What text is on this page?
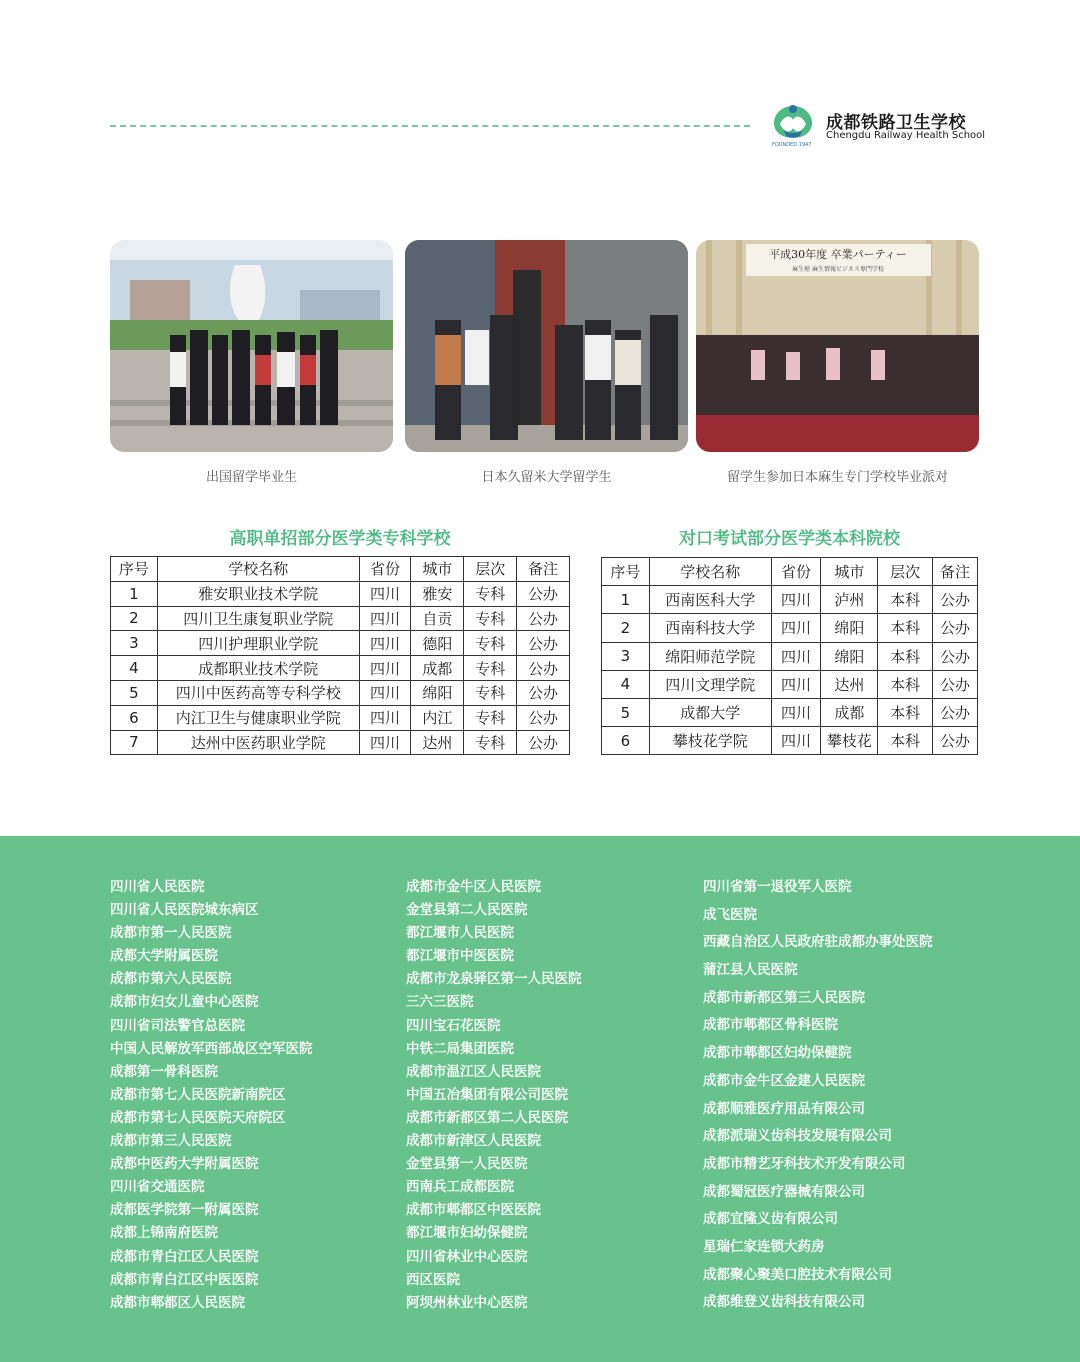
FOUNDED 1947
成都铁路卫生学校
Chengdu Railway Health School
平成30年度 卒業パーティー
麻生塾 麻生情報ビジネス専門学校
出国留学毕业生	日本久留米大学留学生	留学生参加日本麻生专门学校毕业派对
高职单招部分医学类专科学校
序号	学校名称	省份	城市	层次	备注
1	雅安职业技术学院	四川	雅安	专科	公办
2	四川卫生康复职业学院	四川	自贡	专科	公办
3	四川护理职业学院	四川	德阳	专科	公办
4	成都职业技术学院	四川	成都	专科	公办
5	四川中医药高等专科学校	四川	绵阳	专科	公办
6	内江卫生与健康职业学院	四川	内江	专科	公办
7	达州中医药职业学院	四川	达州	专科	公办
对口考试部分医学类本科院校
序号	学校名称	省份	城市	层次	备注
1	西南医科大学	四川	泸州	本科	公办
2	西南科技大学	四川	绵阳	本科	公办
3	绵阳师范学院	四川	绵阳	本科	公办
4	四川文理学院	四川	达州	本科	公办
5	成都大学	四川	成都	本科	公办
6	攀枝花学院	四川	攀枝花	本科	公办
四川省人民医院
四川省人民医院城东病区
成都市第一人民医院
成都大学附属医院
成都市第六人民医院
成都市妇女儿童中心医院
四川省司法警官总医院
中国人民解放军西部战区空军医院
成都第一骨科医院
成都市第七人民医院新南院区
成都市第七人民医院天府院区
成都市第三人民医院
成都中医药大学附属医院
四川省交通医院
成都医学院第一附属医院
成都上锦南府医院
成都市青白江区人民医院
成都市青白江区中医医院
成都市郫都区人民医院
成都市金牛区人民医院
金堂县第二人民医院
都江堰市人民医院
都江堰市中医医院
成都市龙泉驿区第一人民医院
三六三医院
四川宝石花医院
中铁二局集团医院
成都市温江区人民医院
中国五冶集团有限公司医院
成都市新都区第二人民医院
成都市新津区人民医院
金堂县第一人民医院
西南兵工成都医院
成都市郫都区中医医院
都江堰市妇幼保健院
四川省林业中心医院
西区医院
阿坝州林业中心医院
四川省第一退役军人医院
成飞医院
西藏自治区人民政府驻成都办事处医院
蒲江县人民医院
成都市新都区第三人民医院
成都市郫都区骨科医院
成都市郫都区妇幼保健院
成都市金牛区金建人民医院
成都顺雅医疗用品有限公司
成都派瑞义齿科技发展有限公司
成都市精艺牙科技术开发有限公司
成都蜀冠医疗器械有限公司
成都宜隆义齿有限公司
星瑞仁家连锁大药房
成都聚心聚美口腔技术有限公司
成都维登义齿科技有限公司
